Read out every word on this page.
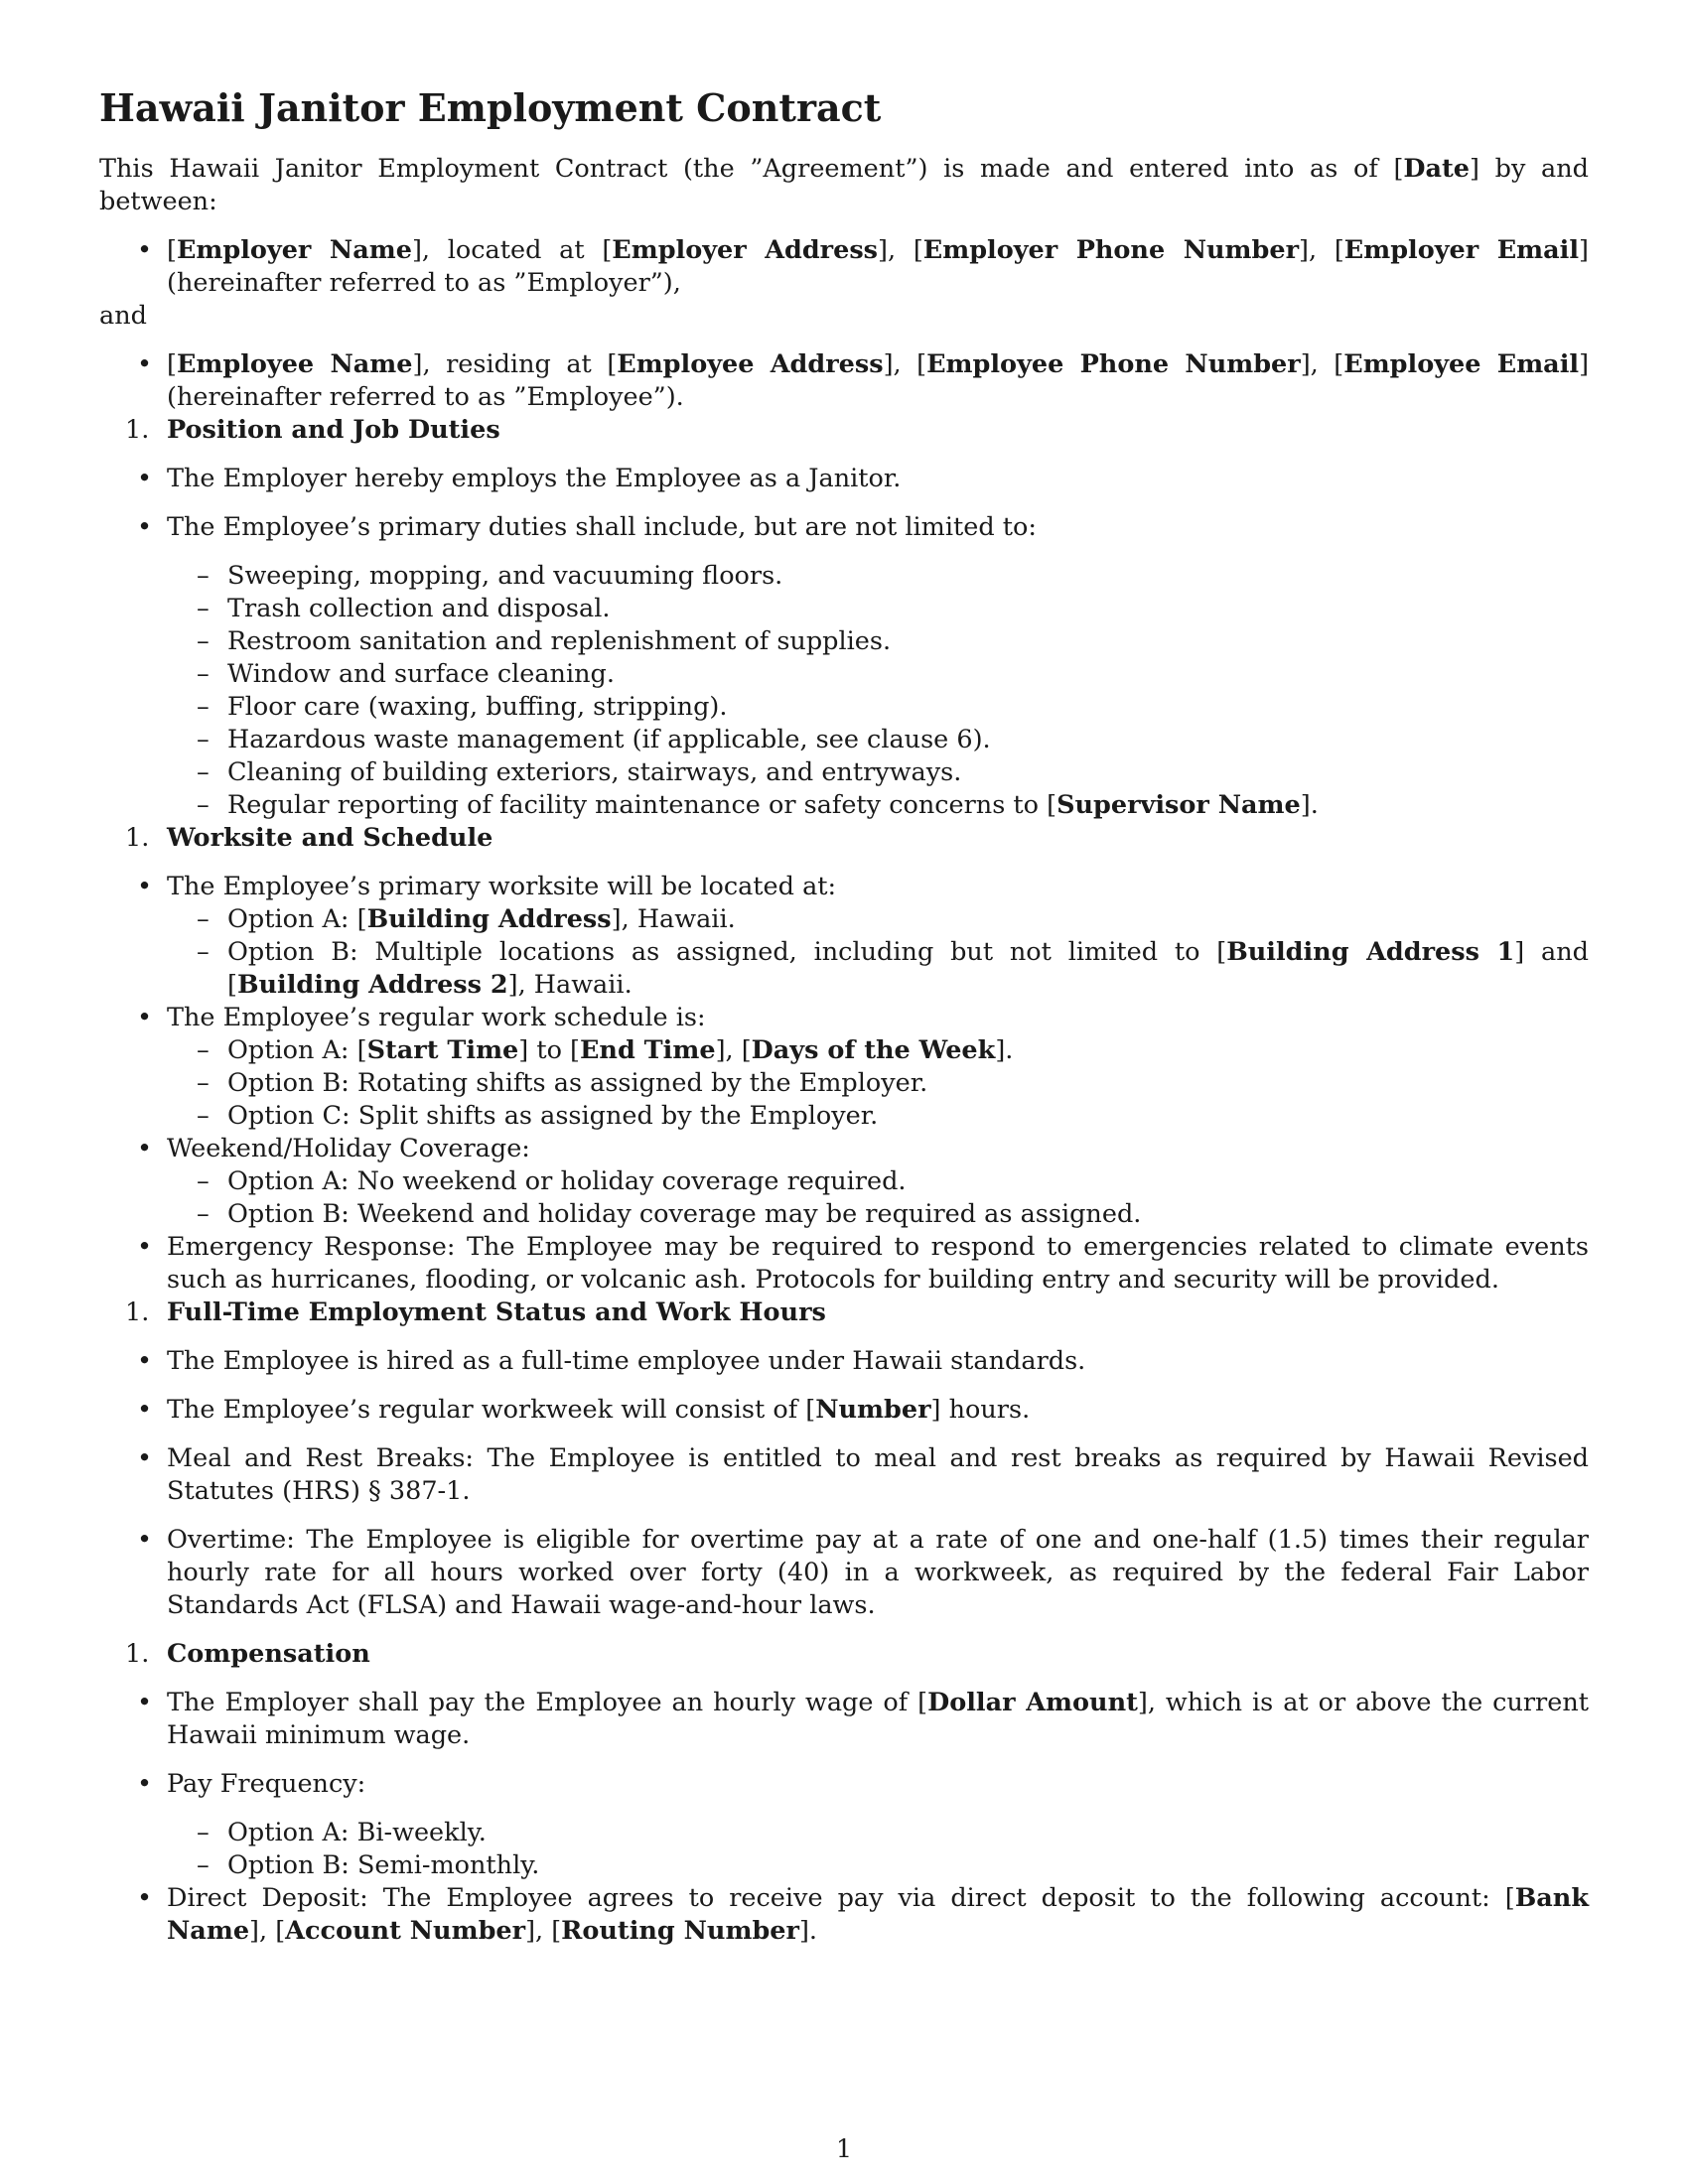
Hawaii Janitor Employment Contract

This Hawaii Janitor Employment Contract (the ”Agreement”) is made and entered into as of [Date] by and between:

• [Employer Name], located at [Employer Address], [Employer Phone Number], [Employer Email] (hereinafter referred to as ”Employer”),

and

• [Employee Name], residing at [Employee Address], [Employee Phone Number], [Employee Email] (hereinafter referred to as ”Employee”).
1. Position and Job Duties
• The Employer hereby employs the Employee as a Janitor.
• The Employee’s primary duties shall include, but are not limited to:
– Sweeping, mopping, and vacuuming floors.
– Trash collection and disposal.
– Restroom sanitation and replenishment of supplies.
– Window and surface cleaning.
– Floor care (waxing, buffing, stripping).
– Hazardous waste management (if applicable, see clause 6).
– Cleaning of building exteriors, stairways, and entryways.
– Regular reporting of facility maintenance or safety concerns to [Supervisor Name].
1. Worksite and Schedule
• The Employee’s primary worksite will be located at:
– Option A: [Building Address], Hawaii.
– Option B: Multiple locations as assigned, including but not limited to [Building Address 1] and [Building Address 2], Hawaii.
• The Employee’s regular work schedule is:
– Option A: [Start Time] to [End Time], [Days of the Week].
– Option B: Rotating shifts as assigned by the Employer.
– Option C: Split shifts as assigned by the Employer.
• Weekend/Holiday Coverage:
– Option A: No weekend or holiday coverage required.
– Option B: Weekend and holiday coverage may be required as assigned.
• Emergency Response: The Employee may be required to respond to emergencies related to climate events such as hurricanes, flooding, or volcanic ash. Protocols for building entry and security will be provided.
1. Full-Time Employment Status and Work Hours
• The Employee is hired as a full-time employee under Hawaii standards.
• The Employee’s regular workweek will consist of [Number] hours.
• Meal and Rest Breaks: The Employee is entitled to meal and rest breaks as required by Hawaii Revised Statutes (HRS) § 387-1.
• Overtime: The Employee is eligible for overtime pay at a rate of one and one-half (1.5) times their regular hourly rate for all hours worked over forty (40) in a workweek, as required by the federal Fair Labor Standards Act (FLSA) and Hawaii wage-and-hour laws.
1. Compensation
• The Employer shall pay the Employee an hourly wage of [Dollar Amount], which is at or above the current Hawaii minimum wage.
• Pay Frequency:
– Option A: Bi-weekly.
– Option B: Semi-monthly.
• Direct Deposit: The Employee agrees to receive pay via direct deposit to the following account: [Bank Name], [Account Number], [Routing Number].
1
